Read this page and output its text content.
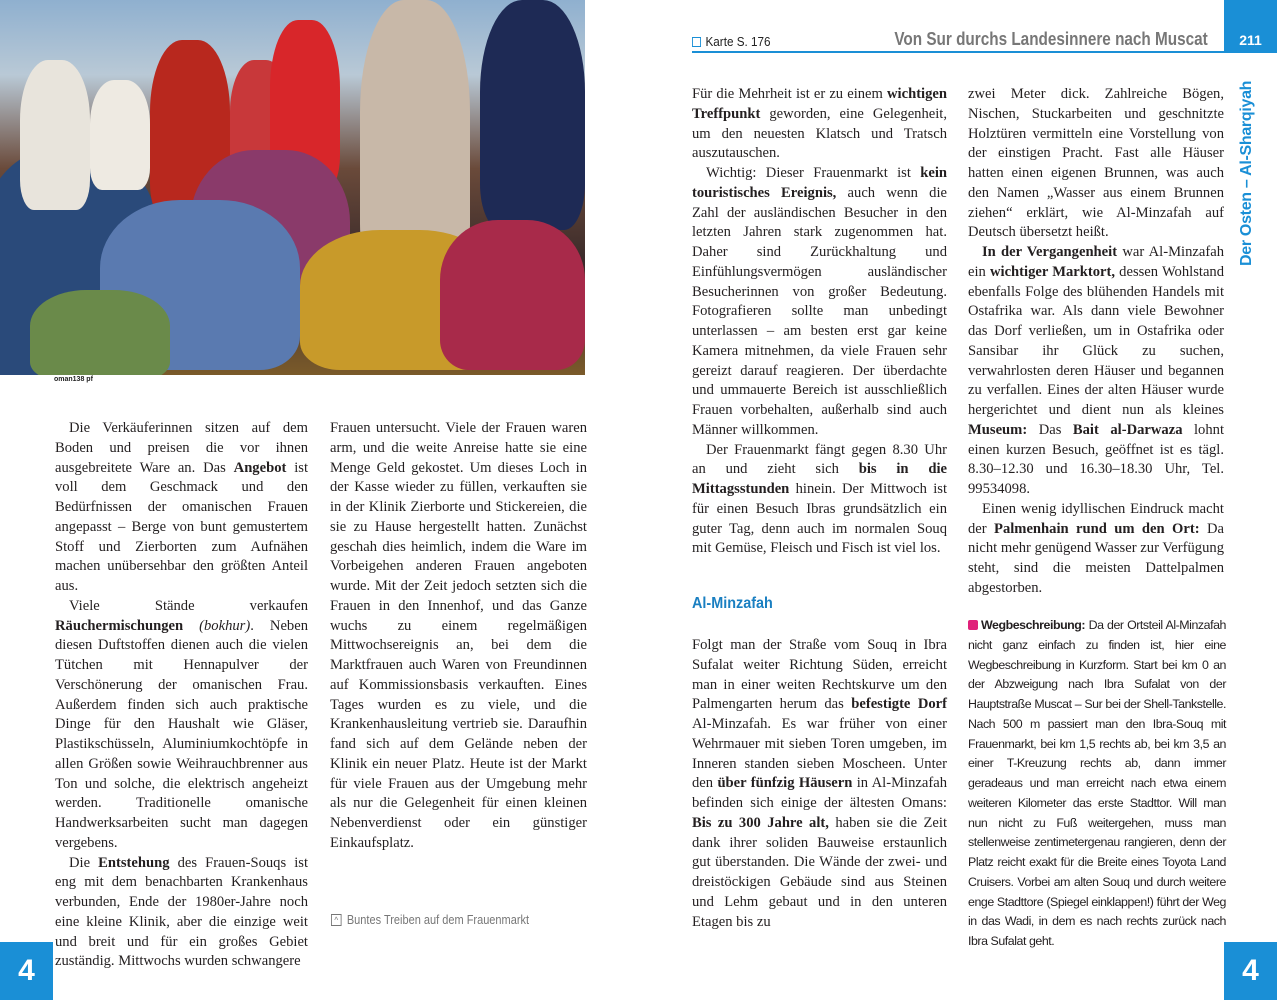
oman138 pf

Die Verkäuferinnen sitzen auf dem Boden und preisen die vor ihnen ausgebreitete Ware an. Das Angebot ist voll dem Geschmack und den Bedürfnissen der omanischen Frauen angepasst – Berge von bunt gemustertem Stoff und Zierborten zum Aufnähen machen unübersehbar den größten Anteil aus.

Viele Stände verkaufen Räuchermischungen (bokhur). Neben diesen Duftstoffen dienen auch die vielen Tütchen mit Hennapulver der Verschönerung der omanischen Frau. Außerdem finden sich auch praktische Dinge für den Haushalt wie Gläser, Plastikschüsseln, Aluminiumkochtöpfe in allen Größen sowie Weihrauchbrenner aus Ton und solche, die elektrisch angeheizt werden. Traditionelle omanische Handwerksarbeiten sucht man dagegen vergebens.

Die Entstehung des Frauen-Souqs ist eng mit dem benachbarten Krankenhaus verbunden, Ende der 1980er-Jahre noch eine kleine Klinik, aber die einzige weit und breit und für ein großes Gebiet zuständig. Mittwochs wurden schwangere

Frauen untersucht. Viele der Frauen waren arm, und die weite Anreise hatte sie eine Menge Geld gekostet. Um dieses Loch in der Kasse wieder zu füllen, verkauften sie in der Klinik Zierborte und Stickereien, die sie zu Hause hergestellt hatten. Zunächst geschah dies heimlich, indem die Ware im Vorbeigehen anderen Frauen angeboten wurde. Mit der Zeit jedoch setzten sich die Frauen in den Innenhof, und das Ganze wuchs zu einem regelmäßigen Mittwochsereignis an, bei dem die Marktfrauen auch Waren von Freundinnen auf Kommissionsbasis verkauften. Eines Tages wurden es zu viele, und die Krankenhausleitung vertrieb sie. Daraufhin fand sich auf dem Gelände neben der Klinik ein neuer Platz. Heute ist der Markt für viele Frauen aus der Umgebung mehr als nur die Gelegenheit für einen kleinen Nebenverdienst oder ein günstiger Einkaufsplatz.

Für die Mehrheit ist er zu einem wichtigen Treffpunkt geworden, eine Gelegenheit, um den neuesten Klatsch und Tratsch auszutauschen.

Wichtig: Dieser Frauenmarkt ist kein touristisches Ereignis, auch wenn die Zahl der ausländischen Besucher in den letzten Jahren stark zugenommen hat. Daher sind Zurückhaltung und Einfühlungsvermögen ausländischer Besucherinnen von großer Bedeutung. Fotografieren sollte man unbedingt unterlassen – am besten erst gar keine Kamera mitnehmen, da viele Frauen sehr gereizt darauf reagieren. Der überdachte und ummauerte Bereich ist ausschließlich Frauen vorbehalten, außerhalb sind auch Männer willkommen.

Der Frauenmarkt fängt gegen 8.30 Uhr an und zieht sich bis in die Mittagsstunden hinein. Der Mittwoch ist für einen Besuch Ibras grundsätzlich ein guter Tag, denn auch im normalen Souq mit Gemüse, Fleisch und Fisch ist viel los.

Al-Minzafah

Folgt man der Straße vom Souq in Ibra Sufalat weiter Richtung Süden, erreicht man in einer weiten Rechtskurve um den Palmengarten herum das befestigte Dorf Al-Minzafah. Es war früher von einer Wehrmauer mit sieben Toren umgeben, im Inneren standen sieben Moscheen. Unter den über fünfzig Häusern in Al-Minzafah befinden sich einige der ältesten Omans: Bis zu 300 Jahre alt, haben sie die Zeit dank ihrer soliden Bauweise erstaunlich gut überstanden. Die Wände der zwei- und dreistöckigen Gebäude sind aus Steinen und Lehm gebaut und in den unteren Etagen bis zu

zwei Meter dick. Zahlreiche Bögen, Nischen, Stuckarbeiten und geschnitzte Holztüren vermitteln eine Vorstellung von der einstigen Pracht. Fast alle Häuser hatten einen eigenen Brunnen, was auch den Namen „Wasser aus einem Brunnen ziehen“ erklärt, wie Al-Minzafah auf Deutsch übersetzt heißt.

In der Vergangenheit war Al-Minzafah ein wichtiger Marktort, dessen Wohlstand ebenfalls Folge des blühenden Handels mit Ostafrika war. Als dann viele Bewohner das Dorf verließen, um in Ostafrika oder Sansibar ihr Glück zu suchen, verwahrlosten deren Häuser und begannen zu verfallen. Eines der alten Häuser wurde hergerichtet und dient nun als kleines Museum: Das Bait al-Darwaza lohnt einen kurzen Besuch, geöffnet ist es tägl. 8.30–12.30 und 16.30–18.30 Uhr, Tel. 99534098.

Einen wenig idyllischen Eindruck macht der Palmenhain rund um den Ort: Da nicht mehr genügend Wasser zur Verfügung steht, sind die meisten Dattelpalmen abgestorben.

Wegbeschreibung: Da der Ortsteil Al-Minzafah nicht ganz einfach zu finden ist, hier eine Wegbeschreibung in Kurzform. Start bei km 0 an der Abzweigung nach Ibra Sufalat von der Hauptstraße Muscat – Sur bei der Shell-Tankstelle. Nach 500 m passiert man den Ibra-Souq mit Frauenmarkt, bei km 1,5 rechts ab, bei km 3,5 an einer T-Kreuzung rechts ab, dann immer geradeaus und man erreicht nach etwa einem weiteren Kilometer das erste Stadttor. Will man nun nicht zu Fuß weitergehen, muss man stellenweise zentimetergenau rangieren, denn der Platz reicht exakt für die Breite eines Toyota Land Cruisers. Vorbei am alten Souq und durch weitere enge Stadttore (Spiegel einklappen!) führt der Weg in das Wadi, in dem es nach rechts zurück nach Ibra Sufalat geht.
^ Buntes Treiben auf dem Frauenmarkt
Karte S. 176	Von Sur durchs Landesinnere nach Muscat	211
Der Osten – Al-Sharqiyah
4	4
